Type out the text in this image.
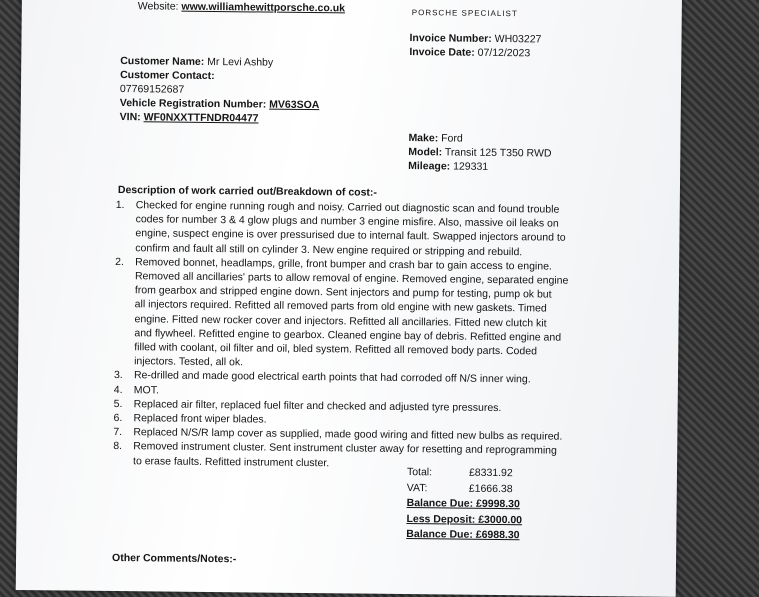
Website: www.williamhewittporsche.co.uk	PORSCHE SPECIALIST
Invoice Number: WH03227
Invoice Date: 07/12/2023
Customer Name: Mr Levi Ashby
Customer Contact:
07769152687
Vehicle Registration Number: MV63SOA
VIN: WF0NXXTTFNDR04477
Make: Ford
Model: Transit 125 T350 RWD
Mileage: 129331
Description of work carried out/Breakdown of cost:-
1.	Checked for engine running rough and noisy. Carried out diagnostic scan and found trouble
codes for number 3 & 4 glow plugs and number 3 engine misfire. Also, massive oil leaks on
engine, suspect engine is over pressurised due to internal fault. Swapped injectors around to
confirm and fault all still on cylinder 3. New engine required or stripping and rebuild.
2.	Removed bonnet, headlamps, grille, front bumper and crash bar to gain access to engine.
Removed all ancillaries' parts to allow removal of engine. Removed engine, separated engine
from gearbox and stripped engine down. Sent injectors and pump for testing, pump ok but
all injectors required. Refitted all removed parts from old engine with new gaskets. Timed
engine. Fitted new rocker cover and injectors. Refitted all ancillaries. Fitted new clutch kit
and flywheel. Refitted engine to gearbox. Cleaned engine bay of debris. Refitted engine and
filled with coolant, oil filter and oil, bled system. Refitted all removed body parts. Coded
injectors. Tested, all ok.
3.	Re-drilled and made good electrical earth points that had corroded off N/S inner wing.
4.	MOT.
5.	Replaced air filter, replaced fuel filter and checked and adjusted tyre pressures.
6.	Replaced front wiper blades.
7.	Replaced N/S/R lamp cover as supplied, made good wiring and fitted new bulbs as required.
8.	Removed instrument cluster. Sent instrument cluster away for resetting and reprogramming
to erase faults. Refitted instrument cluster.
Total:	£8331.92
VAT:	£1666.38
Balance Due: £9998.30
Less Deposit: £3000.00
Balance Due: £6988.30
Other Comments/Notes:-
